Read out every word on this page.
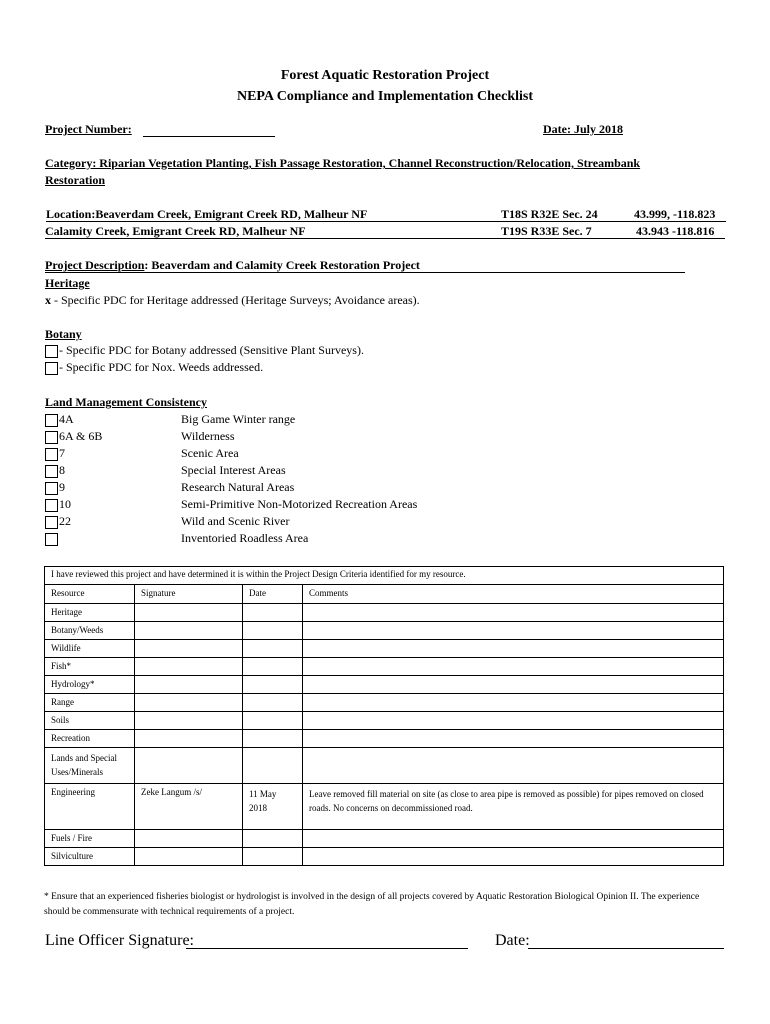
Forest Aquatic Restoration Project
NEPA Compliance and Implementation Checklist
Project Number:	Date: July 2018
Category: Riparian Vegetation Planting, Fish Passage Restoration, Channel Reconstruction/Relocation, Streambank
Restoration
Location:Beaverdam Creek, Emigrant Creek RD, Malheur NF	T18S R32E Sec. 24	43.999, -118.823
Calamity Creek, Emigrant Creek RD, Malheur NF	T19S R33E Sec. 7	43.943 -118.816
Project Description: Beaverdam and Calamity Creek Restoration Project
Heritage
x - Specific PDC for Heritage addressed (Heritage Surveys; Avoidance areas).
Botany
- Specific PDC for Botany addressed (Sensitive Plant Surveys).
- Specific PDC for Nox. Weeds addressed.
Land Management Consistency
4A	Big Game Winter range
6A & 6B	Wilderness
7	Scenic Area
8	Special Interest Areas
9	Research Natural Areas
10	Semi-Primitive Non-Motorized Recreation Areas
22	Wild and Scenic River
Inventoried Roadless Area
I have reviewed this project and have determined it is within the Project Design Criteria identified for my resource.			
Resource	Signature	Date	Comments
Heritage			
Botany/Weeds			
Wildlife			
Fish*			
Hydrology*			
Range			
Soils			
Recreation			
Lands and Special Uses/Minerals			
Engineering	Zeke Langum /s/	11 May 2018	Leave removed fill material on site (as close to area pipe is removed as possible) for pipes removed on closed roads. No concerns on decommissioned road.
Fuels / Fire			
Silviculture			
* Ensure that an experienced fisheries biologist or hydrologist is involved in the design of all projects covered by Aquatic Restoration Biological Opinion II. The experience should be commensurate with technical requirements of a project.
Line Officer Signature:	Date:
